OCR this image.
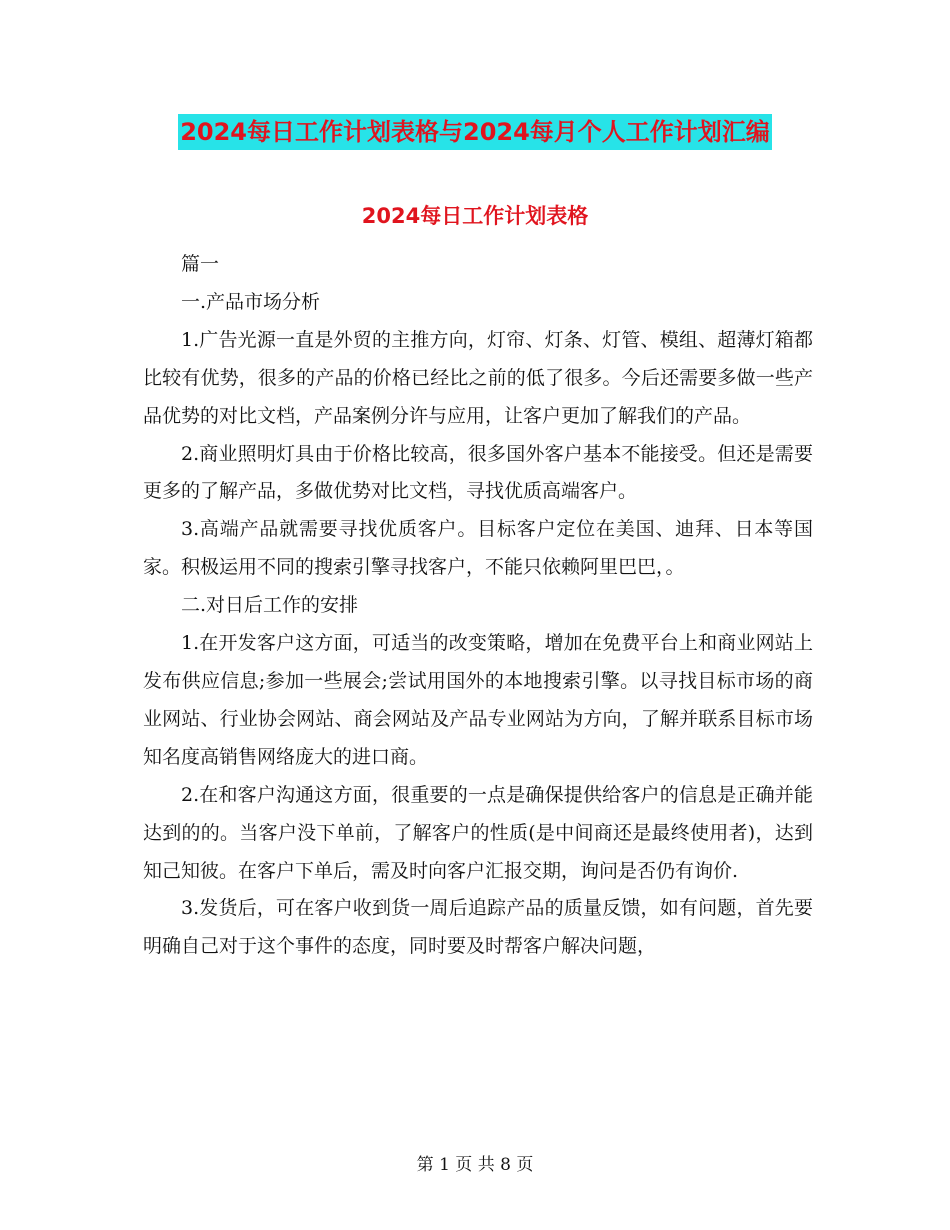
2024每日工作计划表格与2024每月个人工作计划汇编
2024每日工作计划表格

篇一

一.产品市场分析

1.广告光源一直是外贸的主推方向，灯帘、灯条、灯管、模组、超薄灯箱都比较有优势，很多的产品的价格已经比之前的低了很多。今后还需要多做一些产品优势的对比文档，产品案例分许与应用，让客户更加了解我们的产品。

2.商业照明灯具由于价格比较高，很多国外客户基本不能接受。但还是需要更多的了解产品，多做优势对比文档，寻找优质高端客户。

3.高端产品就需要寻找优质客户。目标客户定位在美国、迪拜、日本等国家。积极运用不同的搜索引擎寻找客户，不能只依赖阿里巴巴，。

二.对日后工作的安排

1.在开发客户这方面，可适当的改变策略，增加在免费平台上和商业网站上发布供应信息;参加一些展会;尝试用国外的本地搜索引擎。以寻找目标市场的商业网站、行业协会网站、商会网站及产品专业网站为方向，了解并联系目标市场知名度高销售网络庞大的进口商。

2.在和客户沟通这方面，很重要的一点是确保提供给客户的信息是正确并能达到的的。当客户没下单前，了解客户的性质(是中间商还是最终使用者)，达到知己知彼。在客户下单后，需及时向客户汇报交期，询问是否仍有询价.

3.发货后，可在客户收到货一周后追踪产品的质量反馈，如有问题，首先要明确自己对于这个事件的态度，同时要及时帮客户解决问题，

第 1 页 共 8 页
